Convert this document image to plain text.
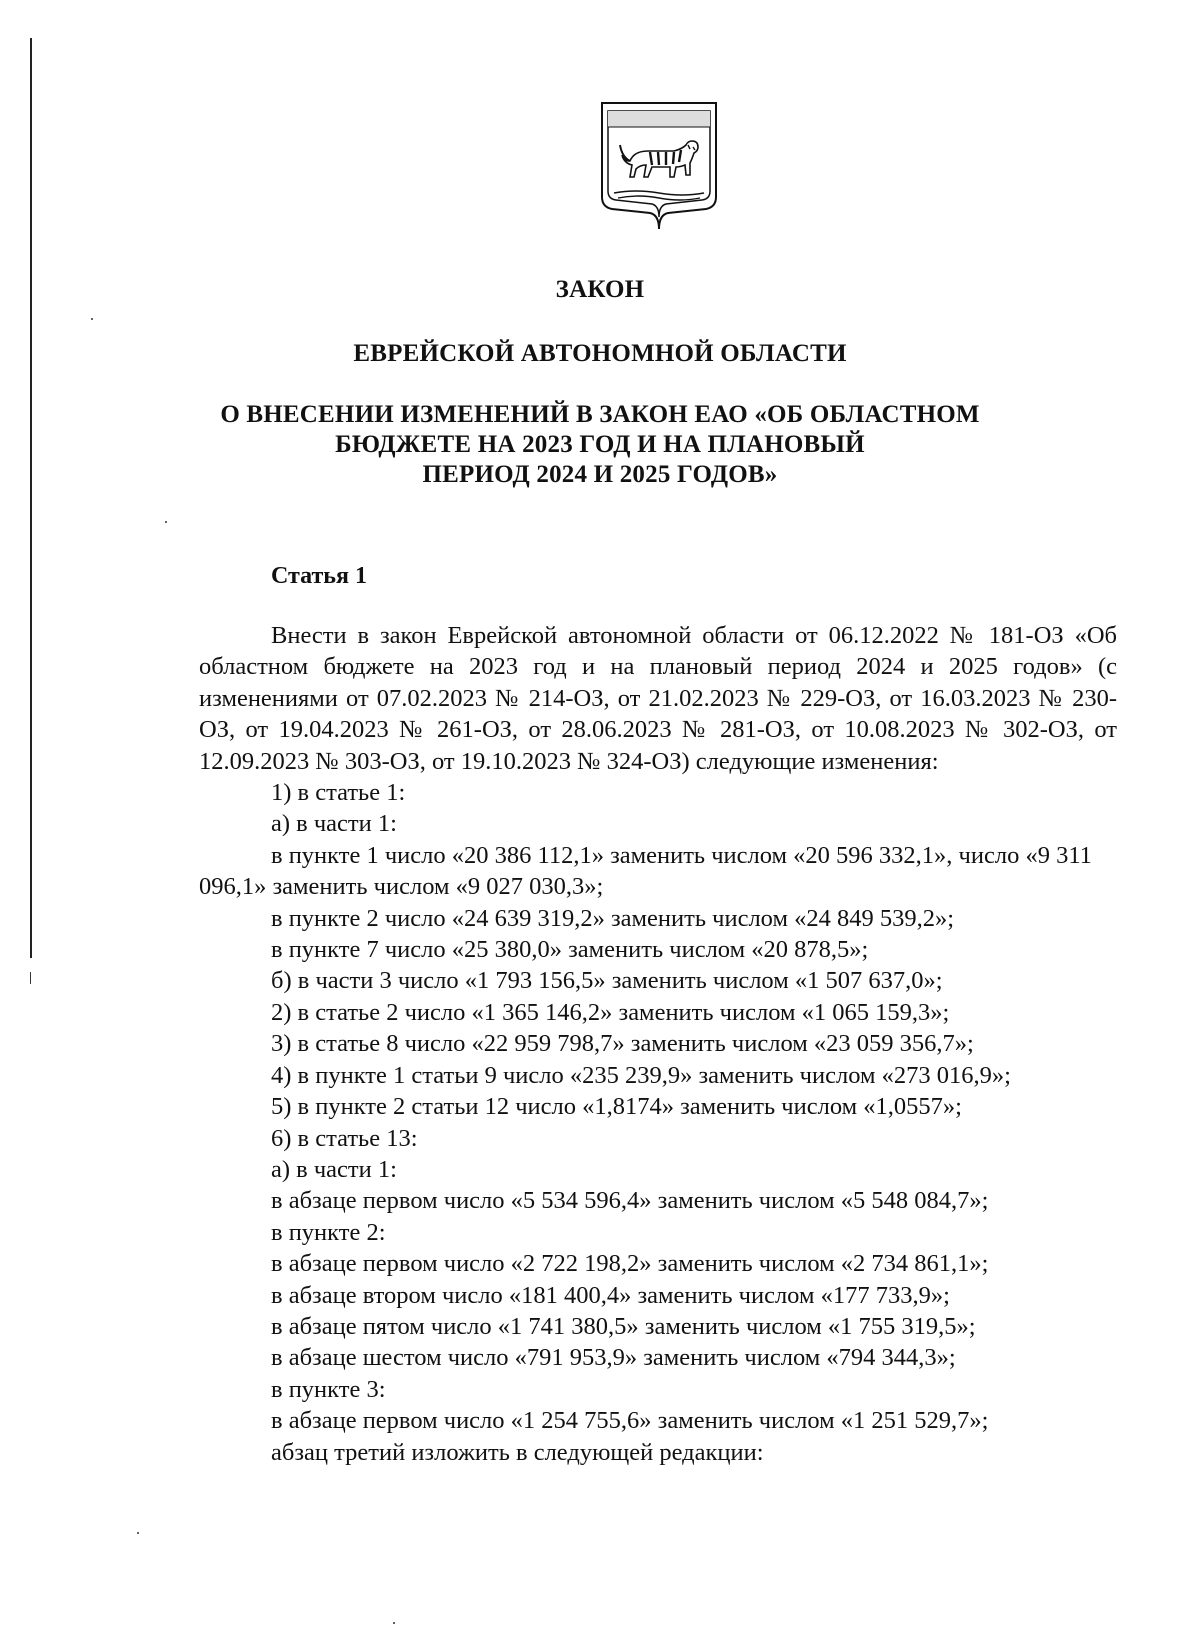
ЗАКОН
ЕВРЕЙСКОЙ АВТОНОМНОЙ ОБЛАСТИ
О ВНЕСЕНИИ ИЗМЕНЕНИЙ В ЗАКОН ЕАО «ОБ ОБЛАСТНОМ
БЮДЖЕТЕ НА 2023 ГОД И НА ПЛАНОВЫЙ
ПЕРИОД 2024 И 2025 ГОДОВ»
Статья 1

Внести в закон Еврейской автономной области от 06.12.2022 № 181-ОЗ «Об областном бюджете на 2023 год и на плановый период 2024 и 2025 годов» (с изменениями от 07.02.2023 № 214-ОЗ, от 21.02.2023 № 229-ОЗ, от 16.03.2023 № 230-ОЗ, от 19.04.2023 № 261-ОЗ, от 28.06.2023 № 281-ОЗ, от 10.08.2023 № 302-ОЗ, от 12.09.2023 № 303-ОЗ, от 19.10.2023 № 324-ОЗ) следующие изменения:

1) в статье 1:

а) в части 1:

в пункте 1 число «20 386 112,1» заменить числом «20 596 332,1», число «9 311 096,1» заменить числом «9 027 030,3»;

в пункте 2 число «24 639 319,2» заменить числом «24 849 539,2»;

в пункте 7 число «25 380,0» заменить числом «20 878,5»;

б) в части 3 число «1 793 156,5» заменить числом «1 507 637,0»;

2) в статье 2 число «1 365 146,2» заменить числом «1 065 159,3»;

3) в статье 8 число «22 959 798,7» заменить числом «23 059 356,7»;

4) в пункте 1 статьи 9 число «235 239,9» заменить числом «273 016,9»;

5) в пункте 2 статьи 12 число «1,8174» заменить числом «1,0557»;

6) в статье 13:

а) в части 1:

в абзаце первом число «5 534 596,4» заменить числом «5 548 084,7»;

в пункте 2:

в абзаце первом число «2 722 198,2» заменить числом «2 734 861,1»;

в абзаце втором число «181 400,4» заменить числом «177 733,9»;

в абзаце пятом число «1 741 380,5» заменить числом «1 755 319,5»;

в абзаце шестом число «791 953,9» заменить числом «794 344,3»;

в пункте 3:

в абзаце первом число «1 254 755,6» заменить числом «1 251 529,7»;

абзац третий изложить в следующей редакции:
